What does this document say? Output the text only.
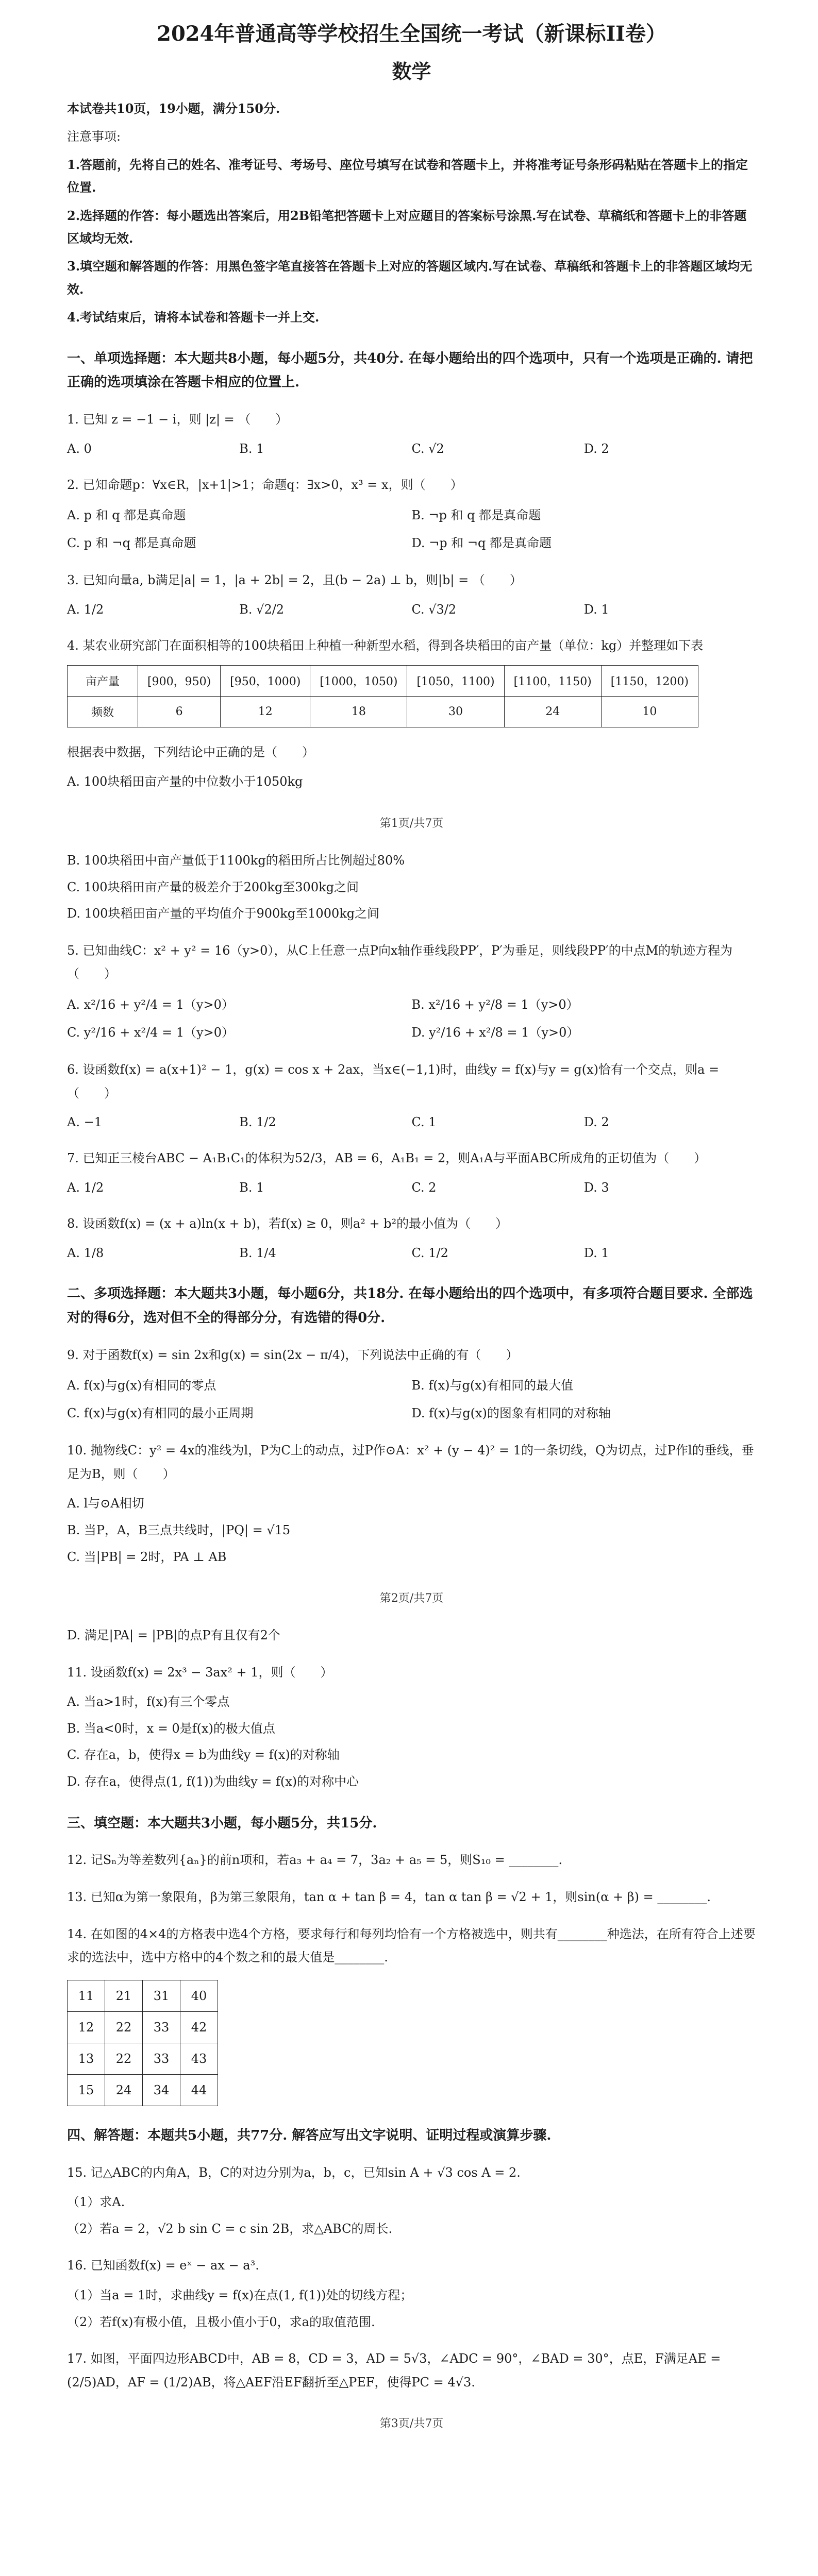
2024年普通高等学校招生全国统一考试（新课标II卷）
数学
本试卷共10页，19小题，满分150分.
注意事项:
1.答题前，先将自己的姓名、准考证号、考场号、座位号填写在试卷和答题卡上，并将准考证号条形码粘贴在答题卡上的指定位置.
2.选择题的作答：每小题选出答案后，用2B铅笔把答题卡上对应题目的答案标号涂黑.写在试卷、草稿纸和答题卡上的非答题区域均无效.
3.填空题和解答题的作答：用黑色签字笔直接答在答题卡上对应的答题区域内.写在试卷、草稿纸和答题卡上的非答题区域均无效.
4.考试结束后，请将本试卷和答题卡一并上交.
一、单项选择题：本大题共8小题，每小题5分，共40分. 在每小题给出的四个选项中，只有一个选项是正确的. 请把正确的选项填涂在答题卡相应的位置上.
1. 已知 z = −1 − i，则 |z| = （　　）
A. 0	B. 1	C. √2	D. 2
2. 已知命题p：∀x∈R，|x+1|>1；命题q：∃x>0，x³ = x，则（　　）
A. p 和 q 都是真命题	B. ¬p 和 q 都是真命题
C. p 和 ¬q 都是真命题	D. ¬p 和 ¬q 都是真命题
3. 已知向量a, b满足|a| = 1，|a + 2b| = 2，且(b − 2a) ⊥ b，则|b| = （　　）
A. 1/2	B. √2/2	C. √3/2	D. 1
4. 某农业研究部门在面积相等的100块稻田上种植一种新型水稻，得到各块稻田的亩产量（单位：kg）并整理如下表
亩产量	[900，950)	[950，1000)	[1000，1050)	[1050，1100)	[1100，1150)	[1150，1200)
频数	6	12	18	30	24	10
根据表中数据，下列结论中正确的是（　　）
A. 100块稻田亩产量的中位数小于1050kg
第1页/共7页
B. 100块稻田中亩产量低于1100kg的稻田所占比例超过80%
C. 100块稻田亩产量的极差介于200kg至300kg之间
D. 100块稻田亩产量的平均值介于900kg至1000kg之间
5. 已知曲线C：x² + y² = 16（y>0），从C上任意一点P向x轴作垂线段PP′，P′为垂足，则线段PP′的中点M的轨迹方程为（　　）
A. x²/16 + y²/4 = 1（y>0）	B. x²/16 + y²/8 = 1（y>0）
C. y²/16 + x²/4 = 1（y>0）	D. y²/16 + x²/8 = 1（y>0）
6. 设函数f(x) = a(x+1)² − 1，g(x) = cos x + 2ax，当x∈(−1,1)时，曲线y = f(x)与y = g(x)恰有一个交点，则a = （　　）
A. −1	B. 1/2	C. 1	D. 2
7. 已知正三棱台ABC − A₁B₁C₁的体积为52/3，AB = 6，A₁B₁ = 2，则A₁A与平面ABC所成角的正切值为（　　）
A. 1/2	B. 1	C. 2	D. 3
8. 设函数f(x) = (x + a)ln(x + b)，若f(x) ≥ 0，则a² + b²的最小值为（　　）
A. 1/8	B. 1/4	C. 1/2	D. 1
二、多项选择题：本大题共3小题，每小题6分，共18分. 在每小题给出的四个选项中，有多项符合题目要求. 全部选对的得6分，选对但不全的得部分分，有选错的得0分.
9. 对于函数f(x) = sin 2x和g(x) = sin(2x − π/4)，下列说法中正确的有（　　）
A. f(x)与g(x)有相同的零点	B. f(x)与g(x)有相同的最大值
C. f(x)与g(x)有相同的最小正周期	D. f(x)与g(x)的图象有相同的对称轴
10. 抛物线C：y² = 4x的准线为l，P为C上的动点，过P作⊙A：x² + (y − 4)² = 1的一条切线，Q为切点，过P作l的垂线，垂足为B，则（　　）
A. l与⊙A相切
B. 当P，A，B三点共线时，|PQ| = √15
C. 当|PB| = 2时，PA ⊥ AB
第2页/共7页
D. 满足|PA| = |PB|的点P有且仅有2个
11. 设函数f(x) = 2x³ − 3ax² + 1，则（　　）
A. 当a>1时，f(x)有三个零点
B. 当a<0时，x = 0是f(x)的极大值点
C. 存在a，b，使得x = b为曲线y = f(x)的对称轴
D. 存在a，使得点(1, f(1))为曲线y = f(x)的对称中心
三、填空题：本大题共3小题，每小题5分，共15分.
12. 记Sₙ为等差数列{aₙ}的前n项和，若a₃ + a₄ = 7，3a₂ + a₅ = 5，则S₁₀ = ________.
13. 已知α为第一象限角，β为第三象限角，tan α + tan β = 4，tan α tan β = √2 + 1，则sin(α + β) = ________.
14. 在如图的4×4的方格表中选4个方格，要求每行和每列均恰有一个方格被选中，则共有________种选法，在所有符合上述要求的选法中，选中方格中的4个数之和的最大值是________.
11	21	31	40
12	22	33	42
13	22	33	43
15	24	34	44
四、解答题：本题共5小题，共77分. 解答应写出文字说明、证明过程或演算步骤.
15. 记△ABC的内角A，B，C的对边分别为a，b，c，已知sin A + √3 cos A = 2.
（1）求A.
（2）若a = 2，√2 b sin C = c sin 2B，求△ABC的周长.
16. 已知函数f(x) = eˣ − ax − a³.
（1）当a = 1时，求曲线y = f(x)在点(1, f(1))处的切线方程；
（2）若f(x)有极小值，且极小值小于0，求a的取值范围.
17. 如图，平面四边形ABCD中，AB = 8，CD = 3，AD = 5√3，∠ADC = 90°，∠BAD = 30°，点E，F满足AE = (2/5)AD，AF = (1/2)AB，将△AEF沿EF翻折至△PEF，使得PC = 4√3.
第3页/共7页
